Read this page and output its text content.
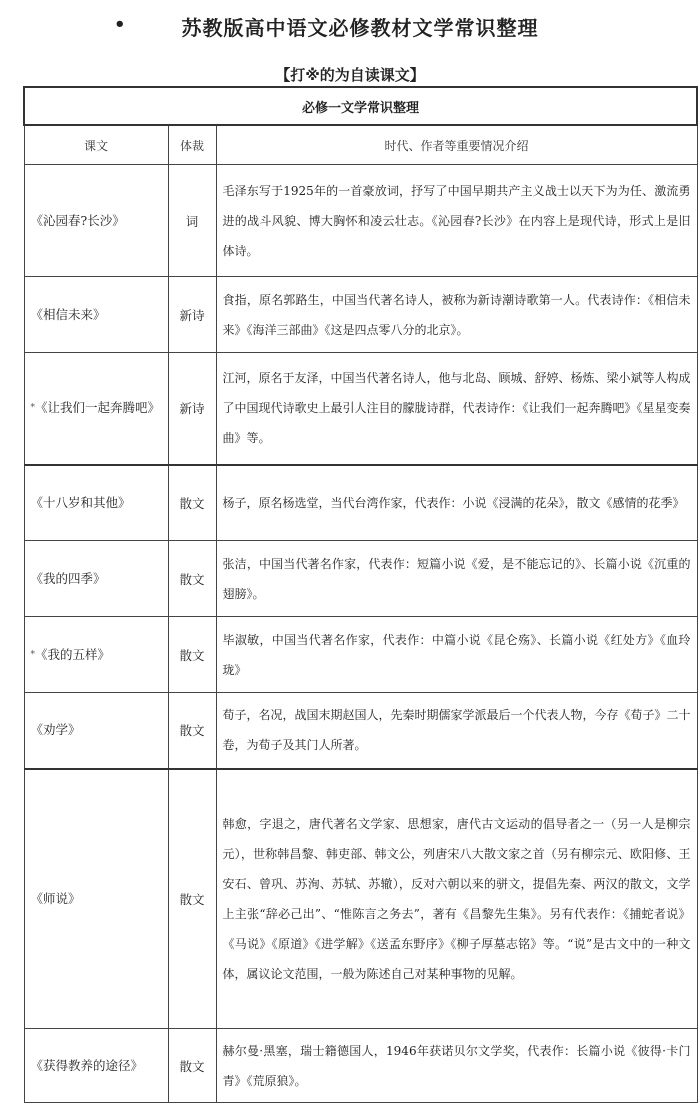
•	苏教版高中语文必修教材文学常识整理
【打※的为自读课文】
必修一文学常识整理		
课文	体裁	时代、作者等重要情况介绍
《沁园春?长沙》	词	毛泽东写于1925年的一首豪放词，抒写了中国早期共产主义战士以天下为为任、激流勇进的战斗风貌、博大胸怀和凌云壮志。《沁园春?长沙》在内容上是现代诗，形式上是旧体诗。
《相信未来》	新诗	食指，原名郭路生，中国当代著名诗人，被称为新诗潮诗歌第一人。代表诗作：《相信未来》《海洋三部曲》《这是四点零八分的北京》。
*《让我们一起奔腾吧》	新诗	江河，原名于友泽，中国当代著名诗人，他与北岛、顾城、舒婷、杨炼、梁小斌等人构成了中国现代诗歌史上最引人注目的朦胧诗群，代表诗作：《让我们一起奔腾吧》《星星变奏曲》等。
《十八岁和其他》	散文	杨子，原名杨选堂，当代台湾作家，代表作：小说《浸满的花朵》，散文《感情的花季》
《我的四季》	散文	张洁，中国当代著名作家，代表作：短篇小说《爱，是不能忘记的》、长篇小说《沉重的翅膀》。
*《我的五样》	散文	毕淑敏，中国当代著名作家，代表作：中篇小说《昆仑殇》、长篇小说《红处方》《血玲珑》
《劝学》	散文	荀子，名况，战国末期赵国人，先秦时期儒家学派最后一个代表人物，今存《荀子》二十卷，为荀子及其门人所著。
《师说》	散文	韩愈，字退之，唐代著名文学家、思想家，唐代古文运动的倡导者之一（另一人是柳宗元），世称韩昌黎、韩吏部、韩文公，列唐宋八大散文家之首（另有柳宗元、欧阳修、王安石、曾巩、苏洵、苏轼、苏辙），反对六朝以来的骈文，提倡先秦、两汉的散文，文学上主张“辞必己出”、“惟陈言之务去”，著有《昌黎先生集》。另有代表作：《捕蛇者说》《马说》《原道》《进学解》《送孟东野序》《柳子厚墓志铭》等。“说”是古文中的一种文体，属议论文范围，一般为陈述自己对某种事物的见解。
《获得教养的途径》	散文	赫尔曼·黑塞，瑞士籍德国人，1946年获诺贝尔文学奖，代表作：长篇小说《彼得·卡门青》《荒原狼》。
